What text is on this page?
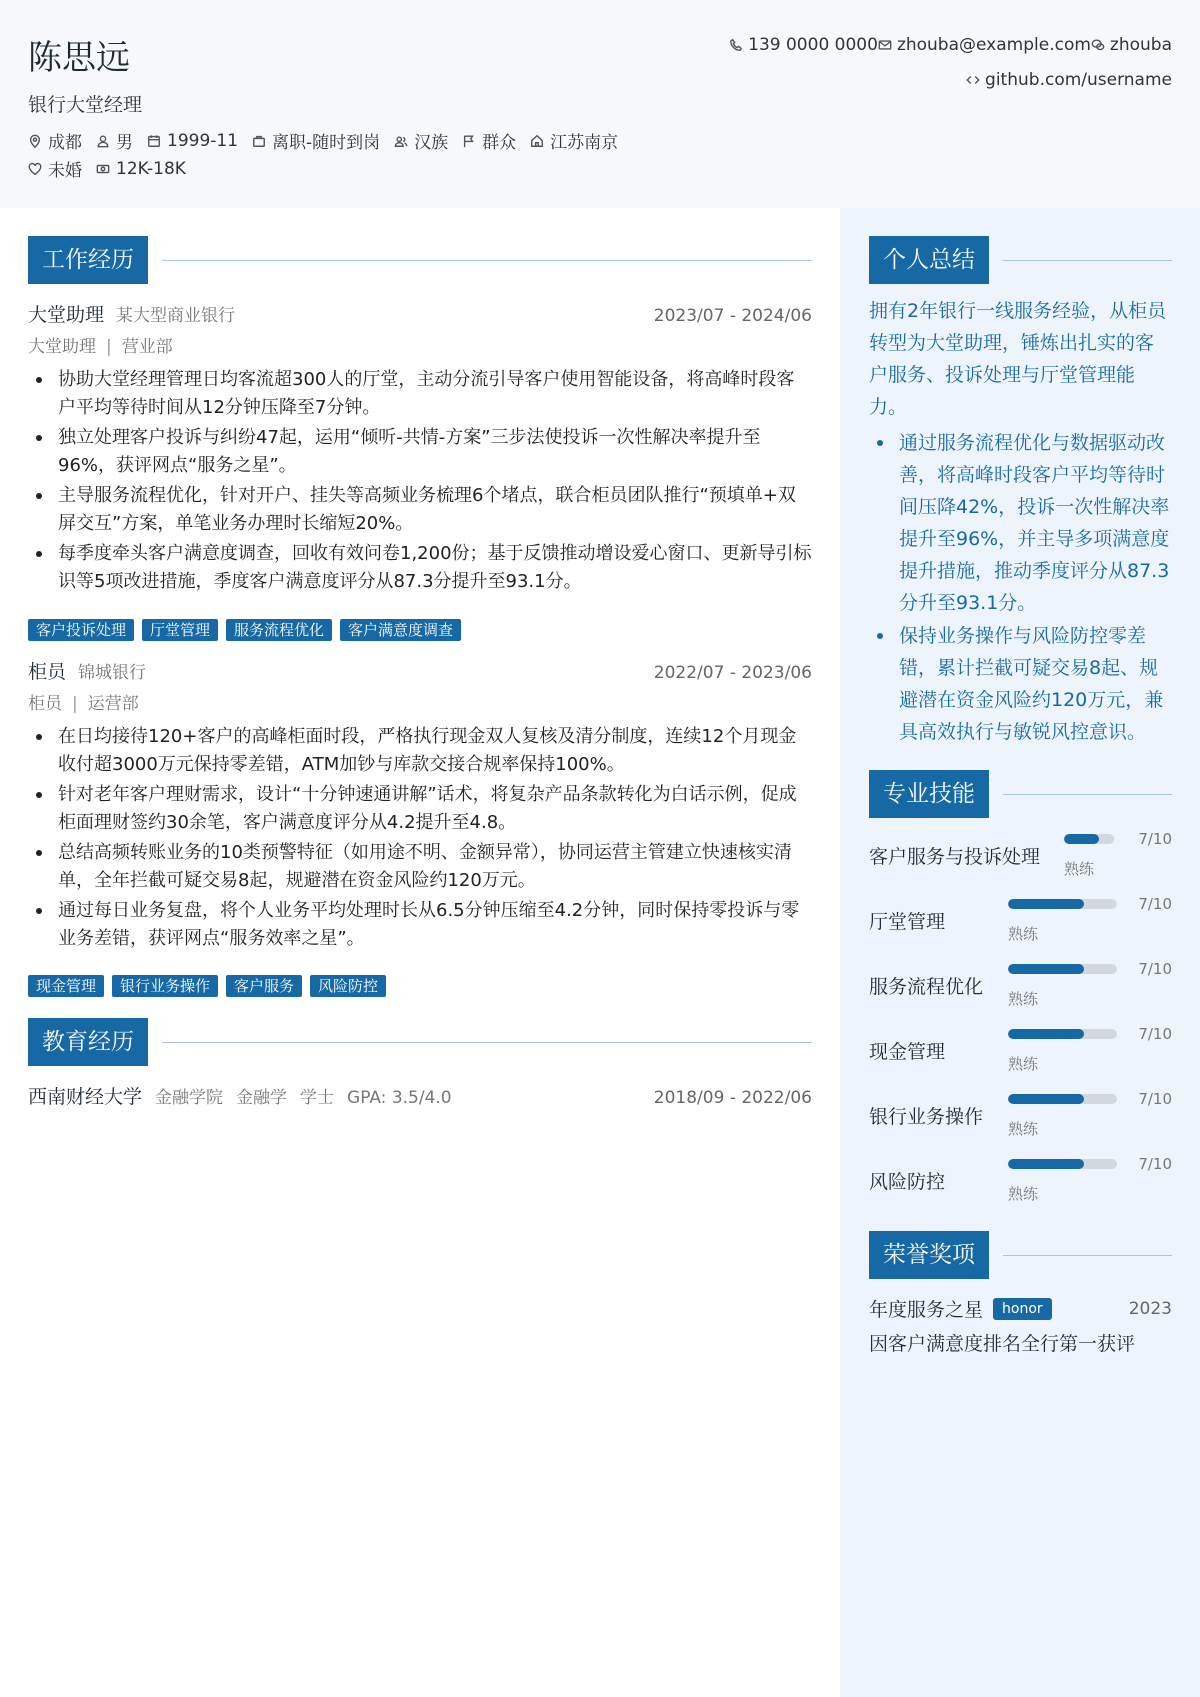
陈思远
银行大堂经理
成都 男 1999-11 离职-随时到岗 汉族 群众 江苏南京
未婚 12K-18K
139 0000 0000 zhouba@example.com zhouba
github.com/username
工作经历
大堂助理 某大型商业银行	2023/07 - 2024/06
大堂助理 | 营业部
协助大堂经理管理日均客流超300人的厅堂，主动分流引导客户使用智能设备，将高峰时段客户平均等待时间从12分钟压降至7分钟。
独立处理客户投诉与纠纷47起，运用“倾听-共情-方案”三步法使投诉一次性解决率提升至96%，获评网点“服务之星”。
主导服务流程优化，针对开户、挂失等高频业务梳理6个堵点，联合柜员团队推行“预填单+双屏交互”方案，单笔业务办理时长缩短20%。
每季度牵头客户满意度调查，回收有效问卷1,200份；基于反馈推动增设爱心窗口、更新导引标识等5项改进措施，季度客户满意度评分从87.3分提升至93.1分。
客户投诉处理	厅堂管理	服务流程优化	客户满意度调查
柜员 锦城银行	2022/07 - 2023/06
柜员 | 运营部
在日均接待120+客户的高峰柜面时段，严格执行现金双人复核及清分制度，连续12个月现金收付超3000万元保持零差错，ATM加钞与库款交接合规率保持100%。
针对老年客户理财需求，设计“十分钟速通讲解”话术，将复杂产品条款转化为白话示例，促成柜面理财签约30余笔，客户满意度评分从4.2提升至4.8。
总结高频转账业务的10类预警特征（如用途不明、金额异常），协同运营主管建立快速核实清单，全年拦截可疑交易8起，规避潜在资金风险约120万元。
通过每日业务复盘，将个人业务平均处理时长从6.5分钟压缩至4.2分钟，同时保持零投诉与零业务差错，获评网点“服务效率之星”。
现金管理	银行业务操作	客户服务	风险防控
教育经历
西南财经大学 金融学院 金融学 学士 GPA: 3.5/4.0	2018/09 - 2022/06
个人总结
拥有2年银行一线服务经验，从柜员转型为大堂助理，锤炼出扎实的客户服务、投诉处理与厅堂管理能力。
通过服务流程优化与数据驱动改善，将高峰时段客户平均等待时间压降42%，投诉一次性解决率提升至96%，并主导多项满意度提升措施，推动季度评分从87.3分升至93.1分。
保持业务操作与风险防控零差错，累计拦截可疑交易8起、规避潜在资金风险约120万元，兼具高效执行与敏锐风控意识。
专业技能
客户服务与投诉处理
7/10
熟练
厅堂管理
7/10
熟练
服务流程优化
7/10
熟练
现金管理
7/10
熟练
银行业务操作
7/10
熟练
风险防控
7/10
熟练
荣誉奖项
年度服务之星	honor	2023
因客户满意度排名全行第一获评
